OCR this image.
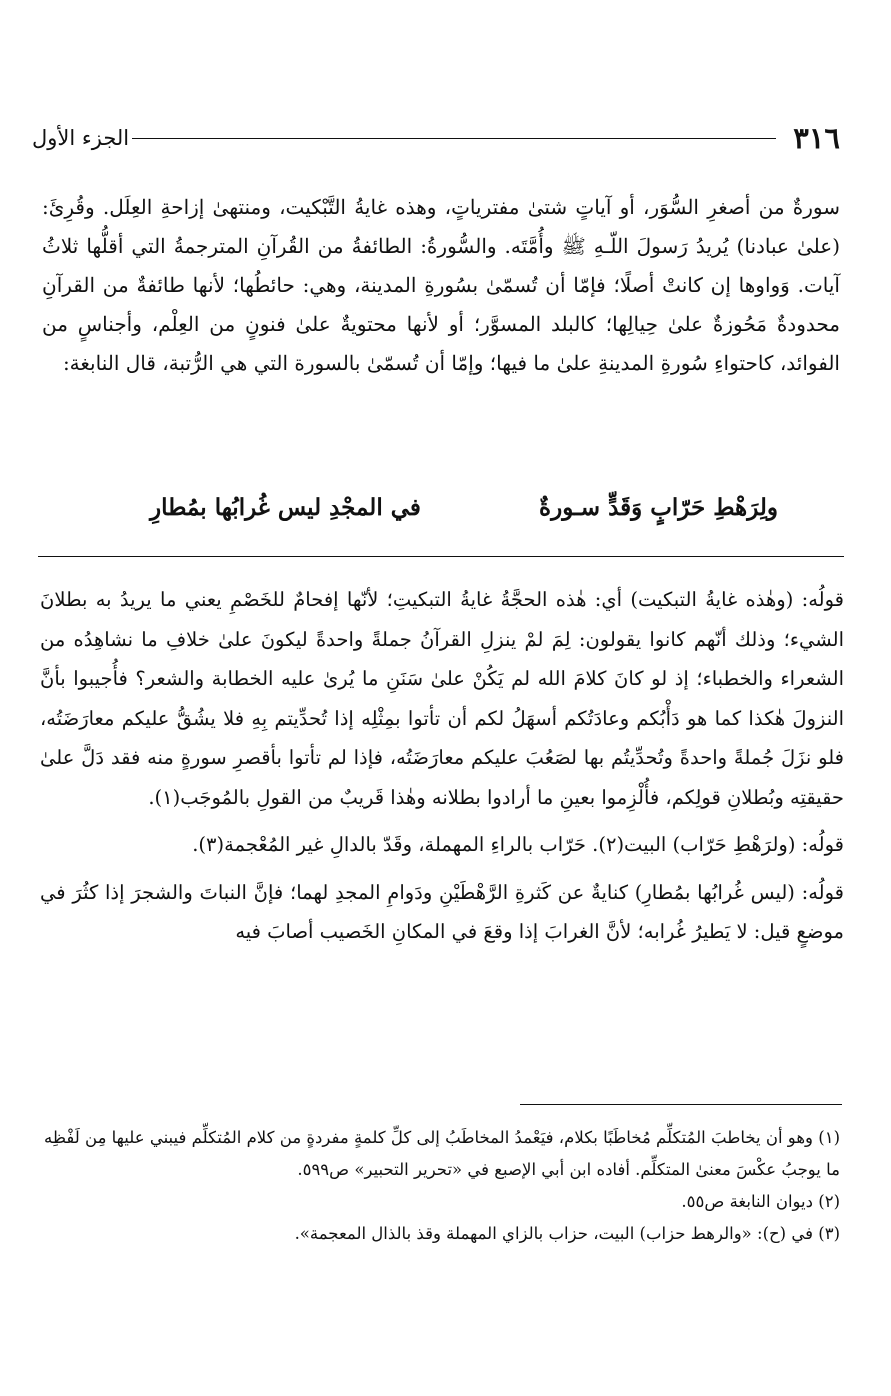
٣١٦
الجزء الأول

سورةٌ من أصغرِ السُّوَر، أو آياتٍ شتىٰ مفترياتٍ، وهذه غايةُ التَّبْكيت، ومنتهىٰ إزاحةِ العِلَل. وقُرِئَ: (علىٰ عبادنا) يُريدُ رَسولَ اللّـهِ ﷺ وأُمَّتَه. والسُّورةُ: الطائفةُ من القُرآنِ المترجمةُ التي أقلُّها ثلاثُ آيات. وَواوها إن كانتْ أصلًا؛ فإمّا أن تُسمّىٰ بسُورةِ المدينة، وهي: حائطُها؛ لأنها طائفةٌ من القرآنِ محدودةٌ مَحُوزةٌ علىٰ حِيالِها؛ كالبلد المسوَّر؛ أو لأنها محتويةٌ علىٰ فنونٍ من العِلْم، وأجناسٍ من الفوائد، كاحتواءِ سُورةِ المدينةِ علىٰ ما فيها؛ وإمّا أن تُسمّىٰ بالسورة التي هي الرُّتبة، قال النابغة:

ولِرَهْطِ حَرّابٍ وَقَدٍّ سـورةٌ
في المجْدِ ليس غُرابُها بمُطارِ

قولُه: (وهٰذه غايةُ التبكيت) أي: هٰذه الحجَّةُ غايةُ التبكيتِ؛ لأنّها إفحامٌ للخَصْمِ يعني ما يريدُ به بطلانَ الشيء؛ وذلك أنّهم كانوا يقولون: لِمَ لمْ ينزلِ القرآنُ جملةً واحدةً ليكونَ علىٰ خلافِ ما نشاهِدُه من الشعراء والخطباء؛ إذ لو كانَ كلامَ الله لم يَكُنْ علىٰ سَنَنِ ما يُرىٰ عليه الخطابة والشعر؟ فأُجيبوا بأنَّ النزولَ هٰكذا كما هو دَأْبُكم وعادَتُكم أسهَلُ لكم أن تأتوا بمِثْلِه إذا تُحدِّيتم بِهِ فلا يشُقُّ عليكم معارَضَتُه، فلو نزَلَ جُملةً واحدةً وتُحدِّيتُم بها لصَعُبَ عليكم معارَضَتُه، فإذا لم تأتوا بأقصرِ سورةٍ منه فقد دَلَّ علىٰ حقيقتِه وبُطلانِ قولِكم، فأُلْزِموا بعينِ ما أرادوا بطلانه وهٰذا قَريبٌ من القولِ بالمُوجَب(١).

قولُه: (ولرَهْطِ حَرّاب) البيت(٢). حَرّاب بالراءِ المهملة، وقَدّ بالدالِ غير المُعْجمة(٣).

قولُه: (ليس غُرابُها بمُطارِ) كنايةٌ عن كَثرةِ الرَّهْطَيْنِ ودَوامِ المجدِ لهما؛ فإنَّ النباتَ والشجرَ إذا كثُرَ في موضعٍ قيل: لا يَطيرُ غُرابه؛ لأنَّ الغرابَ إذا وقعَ في المكانِ الخَصيب أصابَ فيه

(١) وهو أن يخاطبَ المُتكلِّم مُخاطَبًا بكلام، فيَعْمدُ المخاطَبُ إلى كلِّ كلمةٍ مفردةٍ من كلام المُتكلِّم فيبني عليها مِن لَفْظِه ما يوجبُ عكْسَ معنىٰ المتكلِّم. أفاده ابن أبي الإصبع في «تحرير التحبير» ص٥٩٩.

(٢) ديوان النابغة ص٥٥.

(٣) في (ح): «والرهط حزاب) البيت، حزاب بالزاي المهملة وقذ بالذال المعجمة».
